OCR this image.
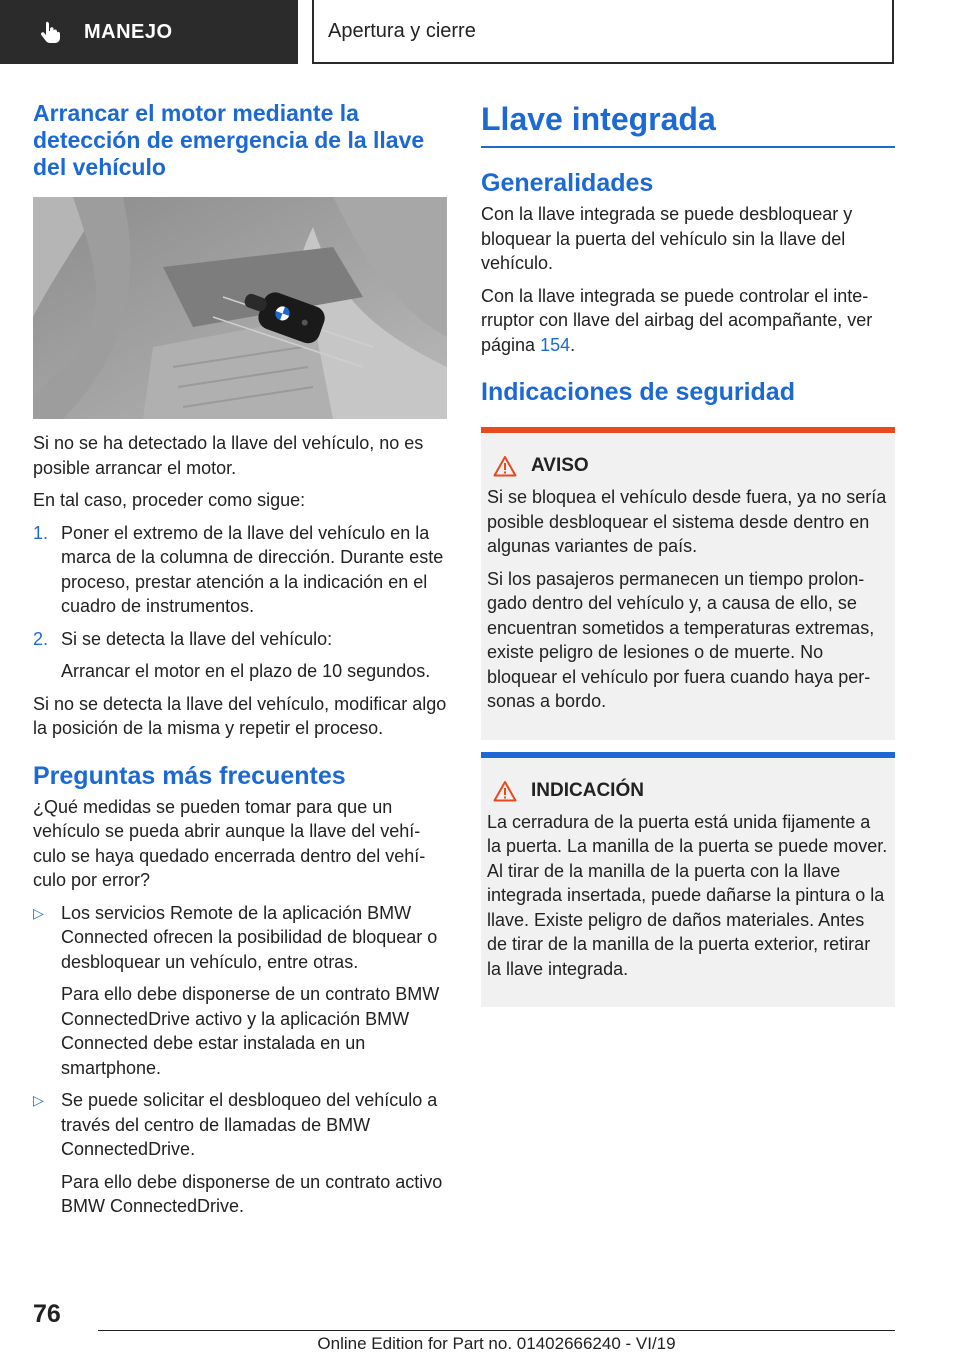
MANEJO	Apertura y cierre
Arrancar el motor mediante la detección de emergencia de la llave del vehículo

Si no se ha detectado la llave del vehículo, no es posible arrancar el motor.

En tal caso, proceder como sigue:

1. Poner el extremo de la llave del vehículo en la marca de la columna de dirección. Durante este proceso, prestar atención a la indicación en el cuadro de instrumentos.
2. Si se detecta la llave del vehículo:
Arrancar el motor en el plazo de 10 segundos.

Si no se detecta la llave del vehículo, modificar algo la posición de la misma y repetir el proceso.

Preguntas más frecuentes

¿Qué medidas se pueden tomar para que un vehículo se pueda abrir aunque la llave del vehículo se haya quedado encerrada dentro del vehículo por error?

▷ Los servicios Remote de la aplicación BMW Connected ofrecen la posibilidad de bloquear o desbloquear un vehículo, entre otras.
Para ello debe disponerse de un contrato BMW ConnectedDrive activo y la aplicación BMW Connected debe estar instalada en un smartphone.
▷ Se puede solicitar el desbloqueo del vehículo a través del centro de llamadas de BMW ConnectedDrive.
Para ello debe disponerse de un contrato activo BMW ConnectedDrive.
Llave integrada
Generalidades

Con la llave integrada se puede desbloquear y bloquear la puerta del vehículo sin la llave del vehículo.

Con la llave integrada se puede controlar el interruptor con llave del airbag del acompañante, ver página 154.

Indicaciones de seguridad
AVISO

Si se bloquea el vehículo desde fuera, ya no sería posible desbloquear el sistema desde dentro en algunas variantes de país.

Si los pasajeros permanecen un tiempo prolongado dentro del vehículo y, a causa de ello, se encuentran sometidos a temperaturas extremas, existe peligro de lesiones o de muerte. No bloquear el vehículo por fuera cuando haya personas a bordo.

INDICACIÓN

La cerradura de la puerta está unida fijamente a la puerta. La manilla de la puerta se puede mover. Al tirar de la manilla de la puerta con la llave integrada insertada, puede dañarse la pintura o la llave. Existe peligro de daños materiales. Antes de tirar de la manilla de la puerta exterior, retirar la llave integrada.

76
Online Edition for Part no. 01402666240 - VI/19
